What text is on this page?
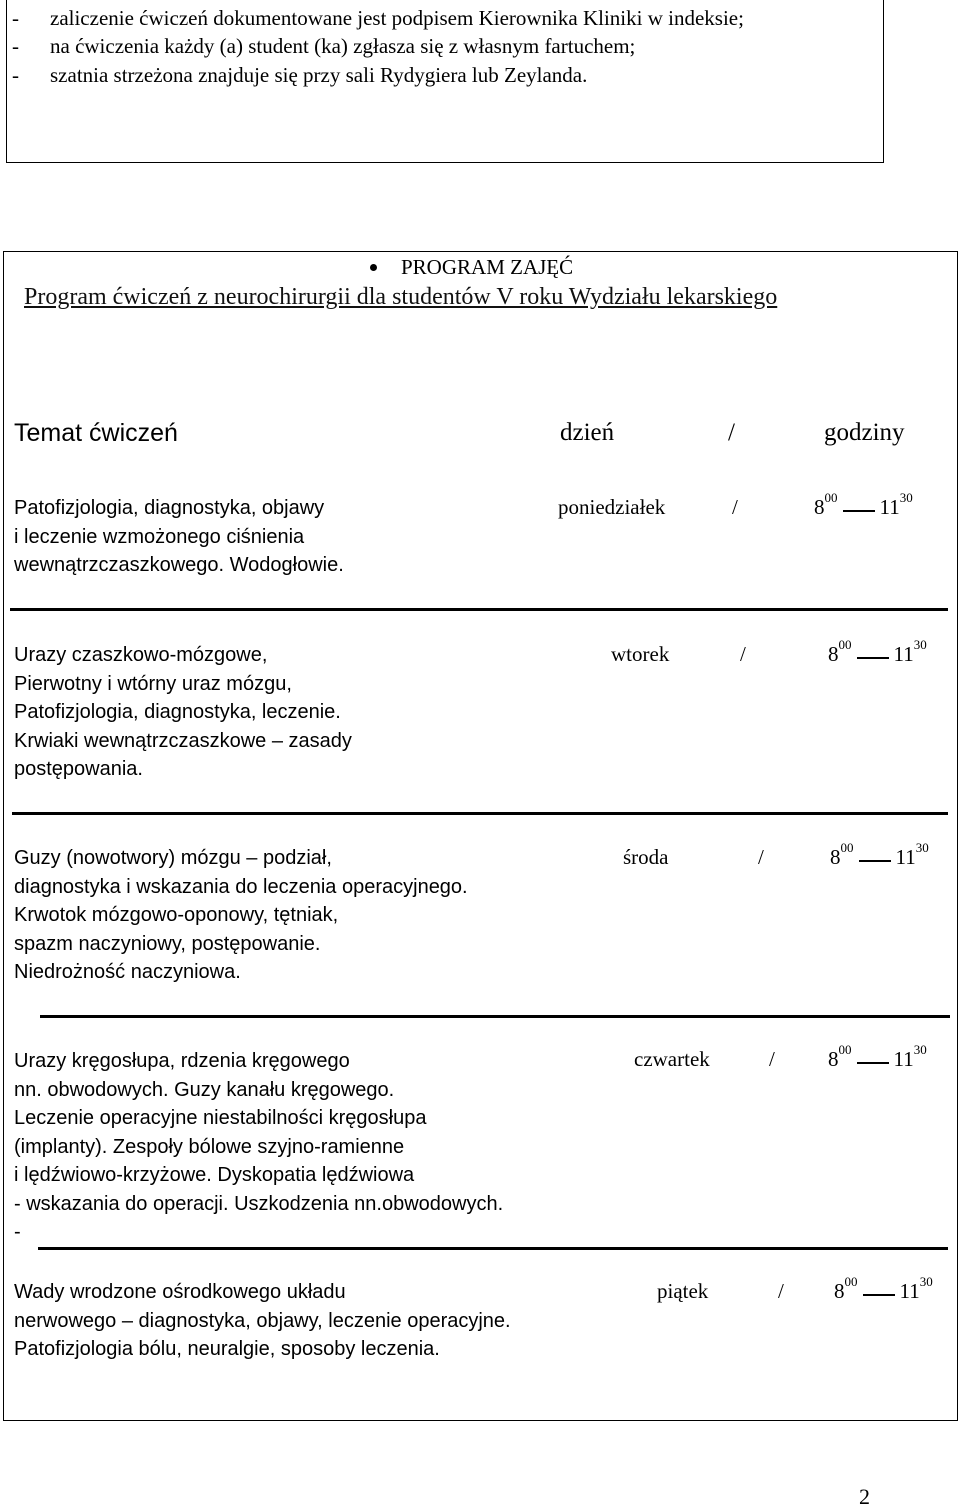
- zaliczenie ćwiczeń dokumentowane jest podpisem Kierownika Kliniki w indeksie;
- na ćwiczenia każdy (a) student (ka) zgłasza się z własnym fartuchem;
- szatnia strzeżona znajduje się przy sali Rydygiera lub Zeylanda.
PROGRAM ZAJĘĆ
Program ćwiczeń z neurochirurgii dla studentów V roku Wydziału lekarskiego
Temat ćwiczeń	dzień	/	godziny
Patofizjologia, diagnostyka, objawy
i leczenie wzmożonego ciśnienia
wewnątrzczaszkowego. Wodogłowie.
poniedziałek	/	$8^{00}$ $11^{30}$
Urazy czaszkowo-mózgowe,
Pierwotny i wtórny uraz mózgu,
Patofizjologia, diagnostyka, leczenie.
Krwiaki wewnątrzczaszkowe – zasady
postępowania.
wtorek	/	$8^{00}$ $11^{30}$
Guzy (nowotwory) mózgu – podział,
diagnostyka i wskazania do leczenia operacyjnego.
Krwotok mózgowo-oponowy, tętniak,
spazm naczyniowy, postępowanie.
Niedrożność naczyniowa.
środa	/	$8^{00}$ $11^{30}$
Urazy kręgosłupa, rdzenia kręgowego
nn. obwodowych. Guzy kanału kręgowego.
Leczenie operacyjne niestabilności kręgosłupa
(implanty). Zespoły bólowe szyjno-ramienne
i lędźwiowo-krzyżowe. Dyskopatia lędźwiowa
- wskazania do operacji. Uszkodzenia nn.obwodowych.
-
czwartek	/	$8^{00}$ $11^{30}$
Wady wrodzone ośrodkowego układu
nerwowego – diagnostyka, objawy, leczenie operacyjne.
Patofizjologia bólu, neuralgie, sposoby leczenia.
piątek	/ $8^{00}$ $11^{30}$
2
